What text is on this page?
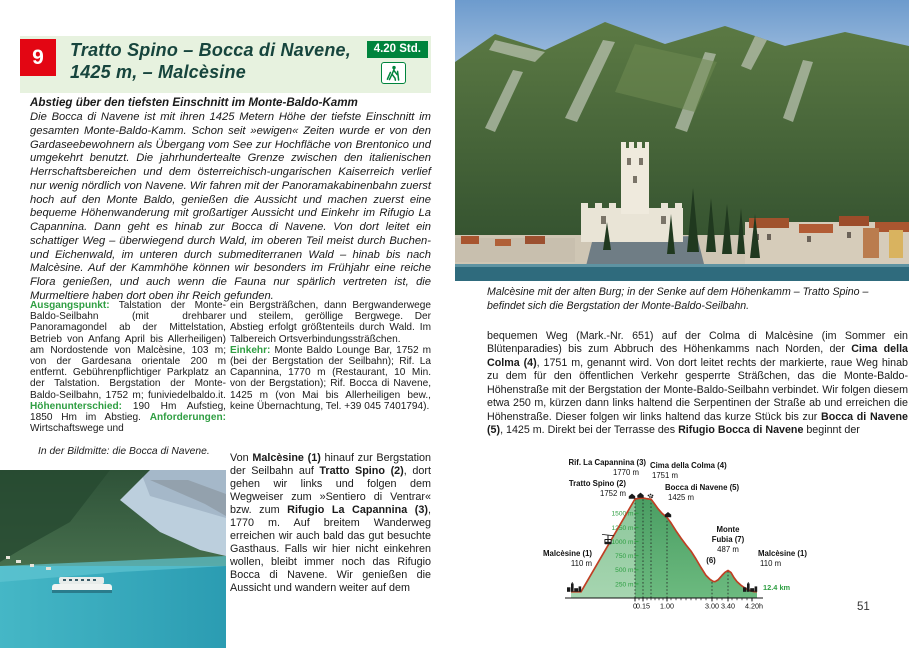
9	Tratto Spino – Bocca di Navene,
1425 m, – Malcèsine
4.20 Std.
Abstieg über den tiefsten Einschnitt im Monte-Baldo-Kamm

Die Bocca di Navene ist mit ihren 1425 Metern Höhe der tiefste Einschnitt im gesamten Monte-Baldo-Kamm. Schon seit »ewigen« Zeiten wurde er von den Gardaseebewohnern als Übergang vom See zur Hochfläche von Brentonico und umgekehrt benutzt. Die jahrhundertealte Grenze zwischen den italienischen Herrschaftsbereichen und dem österreichisch-ungarischen Kaiserreich verlief nur wenig nördlich von Navene. Wir fahren mit der Panoramakabinenbahn zuerst hoch auf den Monte Baldo, genießen die Aussicht und machen zuerst eine bequeme Höhenwanderung mit großartiger Aussicht und Einkehr im Rifugio La Capannina. Dann geht es hinab zur Bocca di Navene. Von dort leitet ein schattiger Weg – überwiegend durch Wald, im oberen Teil meist durch Buchen- und Eichenwald, im unteren durch submediterranen Wald – hinab bis nach Malcèsine. Auf der Kammhöhe können wir besonders im Frühjahr eine reiche Flora genießen, und auch wenn die Fauna nur spärlich vertreten ist, die Murmeltiere haben dort oben ihr Reich gefunden.

Ausgangspunkt: Talstation der Monte-Baldo-Seilbahn (mit drehbarer Panoramagondel ab der Mittelstation, Betrieb von Anfang April bis Allerheiligen) am Nordostende von Malcèsine, 103 m; von der Gardesana orientale 200 m entfernt. Gebührenpflichtiger Parkplatz an der Talstation. Bergstation der Monte-Baldo-Seilbahn, 1752 m; funiviedelbaldo.it. Höhenunterschied: 190 Hm Aufstieg, 1850 Hm im Abstieg. Anforderungen: Wirtschaftswege und
ein Bergsträßchen, dann Bergwanderwege und steilem, geröllige Bergwege. Der Abstieg erfolgt größtenteils durch Wald. Im Talbereich Ortsverbindungssträßchen.
Einkehr: Monte Baldo Lounge Bar, 1752 m (bei der Bergstation der Seilbahn); Rif. La Capannina, 1770 m (Restaurant, 10 Min. von der Bergstation); Rif. Bocca di Navene, 1425 m (von Mai bis Allerheiligen bew., keine Übernachtung, Tel. +39 045 7401794).
In der Bildmitte: die Bocca di Navene.

Von Malcèsine (1) hinauf zur Bergstation der Seilbahn auf Tratto Spino (2), dort gehen wir links und folgen dem Wegweiser zum »Sentiero di Ventrar« bzw. zum Rifugio La Capannina (3), 1770 m. Auf breitem Wanderweg erreichen wir auch bald das gut besuchte Gasthaus. Falls wir hier nicht einkehren wollen, bleibt immer noch das Rifugio Bocca di Navene. Wir genießen die Aussicht und wandern weiter auf dem

Malcèsine mit der alten Burg; in der Senke auf dem Höhenkamm – Tratto Spino – befindet sich die Bergstation der Monte-Baldo-Seilbahn.

bequemen Weg (Mark.-Nr. 651) auf der Colma di Malcèsine (im Sommer ein Blütenparadies) bis zum Abbruch des Höhenkamms nach Norden, der Cima della Colma (4), 1751 m, genannt wird. Von dort leitet rechts der markierte, raue Weg hinab zu dem für den öffentlichen Verkehr gesperrte Sträßchen, das die Monte-Baldo-Höhenstraße mit der Bergstation der Monte-Baldo-Seilbahn verbindet. Wir folgen diesem etwa 250 m, kürzen dann links haltend die Serpentinen der Straße ab und erreichen die Höhenstraße. Dieser folgen wir links haltend das kurze Stück bis zur Bocca di Navene (5), 1425 m. Direkt bei der Terrasse des Rifugio Bocca di Navene beginnt der

250 m
500 m
750 m
1000 m
1250 m
1500 m
Rif. La Capannina (3)
1770 m
Cima della Colma (4)
1751 m
Tratto Spino (2)
1752 m
Bocca di Navene (5)
1425 m
Monte
Fubia (7)
487 m
(6)
Malcèsine (1)
110 m
Malcèsine (1)
110 m
12.4 km
h
0 0.15 1.00	3.00 3.40 4.20	51
